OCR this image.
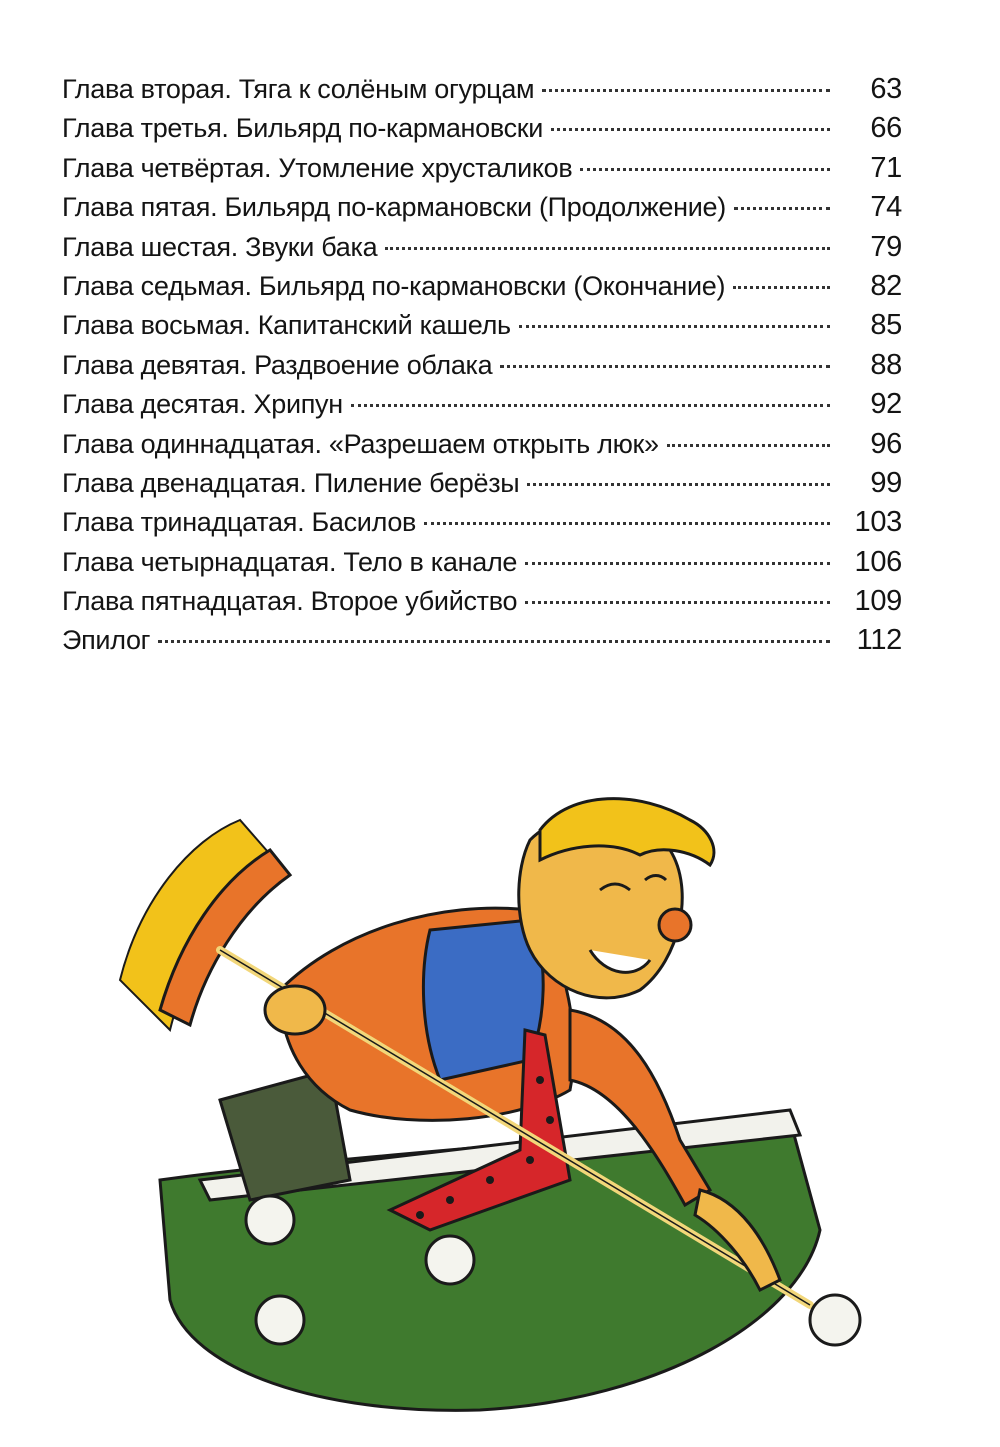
Глава вторая. Тяга к солёным огурцам	63
Глава третья. Бильярд по-кармановски	66
Глава четвёртая. Утомление хрусталиков	71
Глава пятая. Бильярд по-кармановски (Продолжение)	74
Глава шестая. Звуки бака	79
Глава седьмая. Бильярд по-кармановски (Окончание)	82
Глава восьмая. Капитанский кашель	85
Глава девятая. Раздвоение облака	88
Глава десятая. Хрипун	92
Глава одиннадцатая. «Разрешаем открыть люк»	96
Глава двенадцатая. Пиление берёзы	99
Глава тринадцатая. Басилов	103
Глава четырнадцатая. Тело в канале	106
Глава пятнадцатая. Второе убийство	109
Эпилог	112
